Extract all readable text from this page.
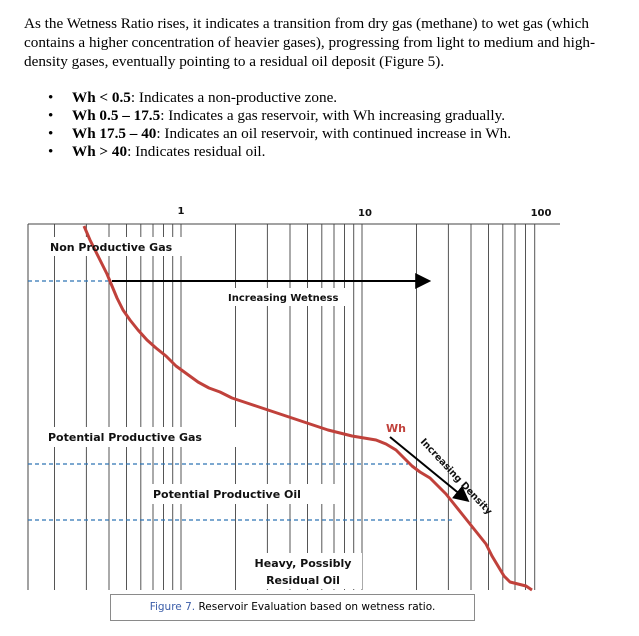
As the Wetness Ratio rises, it indicates a transition from dry gas (methane) to wet gas (which contains a higher concentration of heavier gases), progressing from light to medium and high-density gases, eventually pointing to a residual oil deposit (Figure 5).

• Wh < 0.5: Indicates a non-productive zone.
• Wh 0.5 – 17.5: Indicates a gas reservoir, with Wh increasing gradually.
• Wh 17.5 – 40: Indicates an oil reservoir, with continued increase in Wh.
• Wh > 40: Indicates residual oil.
1	10	100
Non Productive Gas
Increasing Wetness
Potential Productive Gas
Potential Productive Oil
Heavy, Possibly
Residual Oil
Wh
Increasing Density
Figure 7. Reservoir Evaluation based on wetness ratio.
